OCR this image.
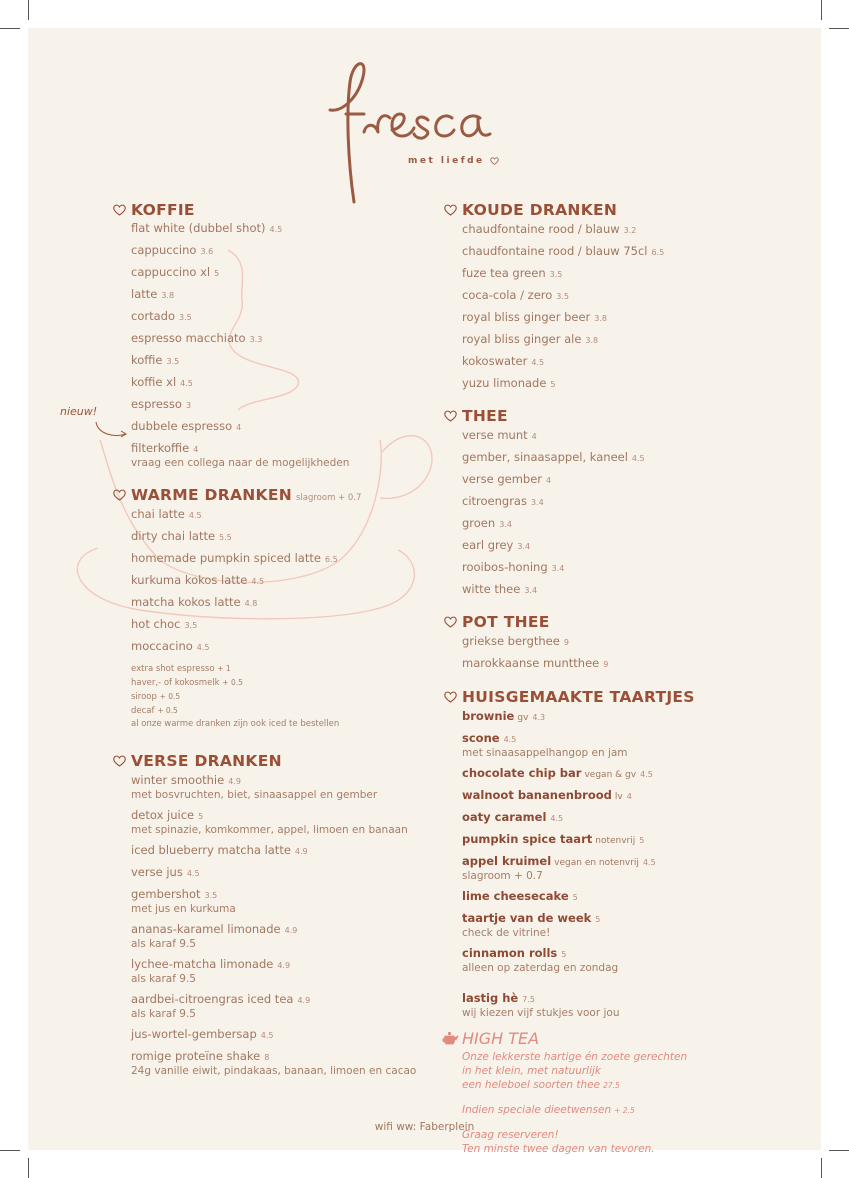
met liefde
nieuw!
KOFFIE
flat white (dubbel shot) 4.5
cappuccino 3.6
cappuccino xl 5
latte 3.8
cortado 3.5
espresso macchiato 3.3
koffie 3.5
koffie xl 4.5
espresso 3
dubbele espresso 4
filterkoffie 4
vraag een collega naar de mogelijkheden
WARME DRANKEN slagroom + 0.7
chai latte 4.5
dirty chai latte 5.5
homemade pumpkin spiced latte 6.5
kurkuma kokos latte 4.5
matcha kokos latte 4.8
hot choc 3.5
moccacino 4.5
extra shot espresso + 1
haver,- of kokosmelk + 0.5
siroop + 0.5
decaf + 0.5
al onze warme dranken zijn ook iced te bestellen
VERSE DRANKEN
winter smoothie 4.9
met bosvruchten, biet, sinaasappel en gember
detox juice 5
met spinazie, komkommer, appel, limoen en banaan
iced blueberry matcha latte 4.9
verse jus 4.5
gembershot 3.5
met jus en kurkuma
ananas-karamel limonade 4.9
als karaf 9.5
lychee-matcha limonade 4.9
als karaf 9.5
aardbei-citroengras iced tea 4.9
als karaf 9.5
jus-wortel-gembersap 4.5
romige proteïne shake 8
24g vanille eiwit, pindakaas, banaan, limoen en cacao
KOUDE DRANKEN
chaudfontaine rood / blauw 3.2
chaudfontaine rood / blauw 75cl 6.5
fuze tea green 3.5
coca-cola / zero 3.5
royal bliss ginger beer 3.8
royal bliss ginger ale 3.8
kokoswater 4.5
yuzu limonade 5
THEE
verse munt 4
gember, sinaasappel, kaneel 4.5
verse gember 4
citroengras 3.4
groen 3.4
earl grey 3.4
rooibos-honing 3.4
witte thee 3.4
POT THEE
griekse bergthee 9
marokkaanse muntthee 9
HUISGEMAAKTE TAARTJES
brownie gv 4.3
scone 4.5
met sinaasappelhangop en jam
chocolate chip bar vegan & gv 4.5
walnoot bananenbrood lv 4
oaty caramel 4.5
pumpkin spice taart notenvrij 5
appel kruimel vegan en notenvrij 4.5
slagroom + 0.7
lime cheesecake 5
taartje van de week 5
check de vitrine!
cinnamon rolls 5
alleen op zaterdag en zondag
lastig hè 7.5
wij kiezen vijf stukjes voor jou
HIGH TEA
Onze lekkerste hartige én zoete gerechten
in het klein, met natuurlijk
een heleboel soorten thee 27.5
Indien speciale dieetwensen + 2.5
Graag reserveren!
Ten minste twee dagen van tevoren.
wifi ww: Faberplein
